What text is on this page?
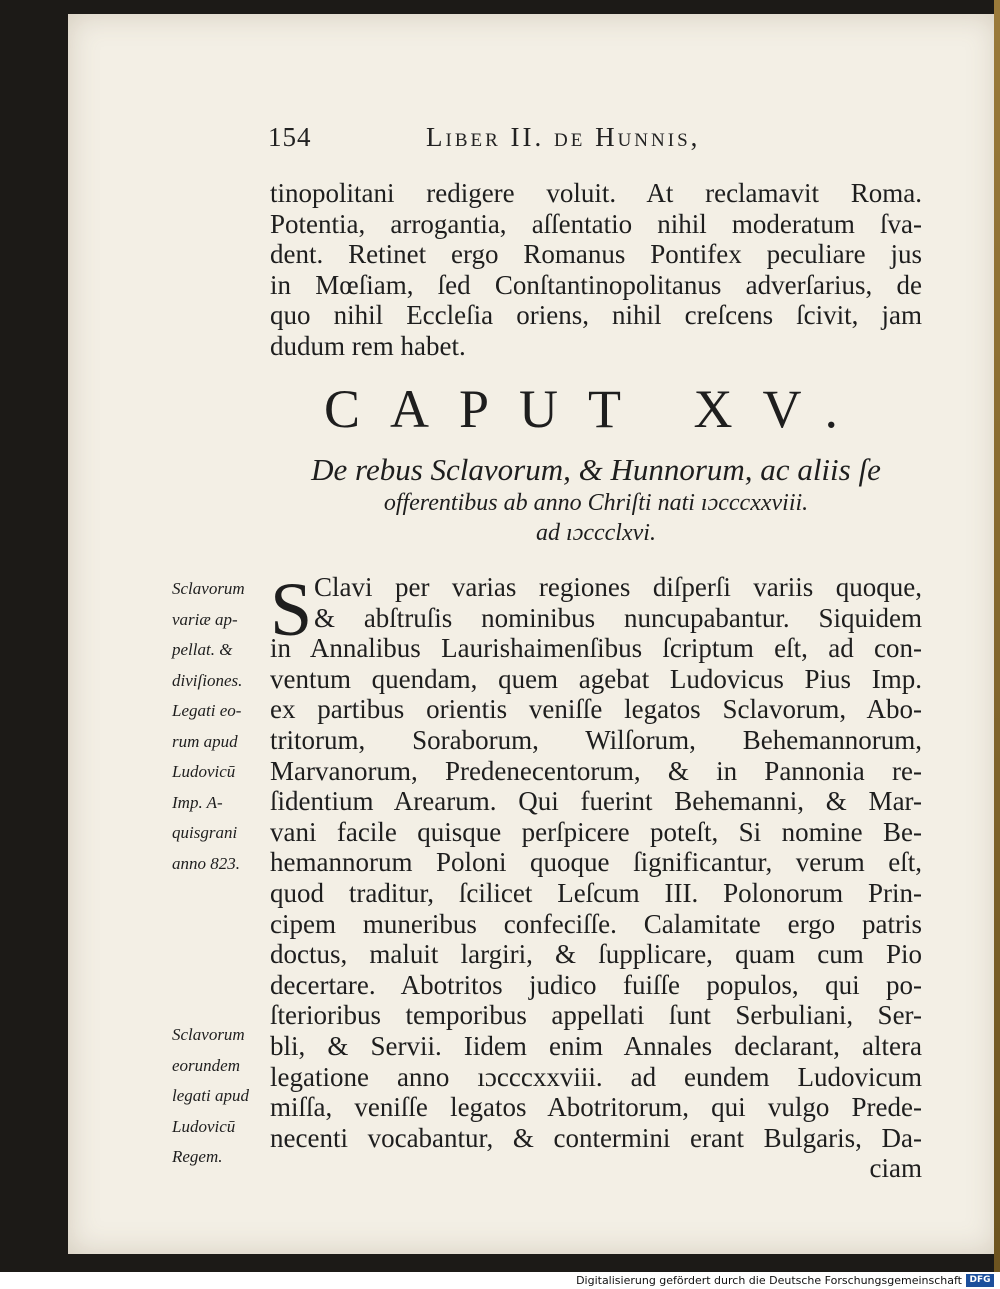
154	Liber II. de Hunnis,
tinopolitani redigere voluit. At reclamavit Roma.
Potentia, arrogantia, aſſentatio nihil moderatum ſva-
dent. Retinet ergo Romanus Pontifex peculiare jus
in Mœſiam, ſed Conſtantinopolitanus adverſarius, de
quo nihil Eccleſia oriens, nihil creſcens ſcivit, jam
dudum rem habet.
CAPUT XV.
De rebus Sclavorum, & Hunnorum, ac aliis ſe
offerentibus ab anno Chriſti nati ıɔcccxxviii.
ad ıɔccclxvi.
S Clavi per varias regiones diſperſi variis quoque,
& abſtruſis nominibus nuncupabantur. Siquidem
in Annalibus Laurishaimenſibus ſcriptum eſt, ad con-
ventum quendam, quem agebat Ludovicus Pius Imp.
ex partibus orientis veniſſe legatos Sclavorum, Abo-
tritorum, Soraborum, Wilſorum, Behemannorum,
Marvanorum, Predenecentorum, & in Pannonia re-
ſidentium Arearum. Qui fuerint Behemanni, & Mar-
vani facile quisque perſpicere poteſt, Si nomine Be-
hemannorum Poloni quoque ſignificantur, verum eſt,
quod traditur, ſcilicet Leſcum III. Polonorum Prin-
cipem muneribus confeciſſe. Calamitate ergo patris
doctus, maluit largiri, & ſupplicare, quam cum Pio
decertare. Abotritos judico fuiſſe populos, qui po-
ſterioribus temporibus appellati ſunt Serbuliani, Ser-
bli, & Servii. Iidem enim Annales declarant, altera
legatione anno ıɔcccxxviii. ad eundem Ludovicum
miſſa, veniſſe legatos Abotritorum, qui vulgo Prede-
necenti vocabantur, & contermini erant Bulgaris, Da-
ciam
Sclavorum
variæ ap-
pellat. &
diviſiones.
Legati eo-
rum apud
Ludovicū
Imp. A-
quisgrani
anno 823.
Sclavorum
eorundem
legati apud
Ludovicū
Regem.
Digitalisierung gefördert durch die Deutsche Forschungsgemeinschaft DFG
